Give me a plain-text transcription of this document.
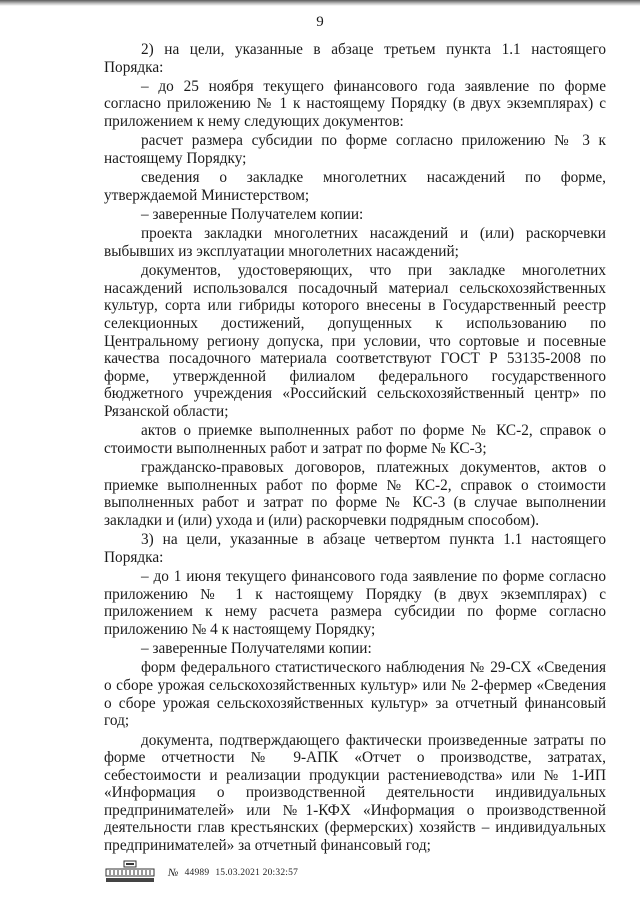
9

2) на цели, указанные в абзаце третьем пункта 1.1 настоящего Порядка:

– до 25 ноября текущего финансового года заявление по форме согласно приложению № 1 к настоящему Порядку (в двух экземплярах) с приложением к нему следующих документов:

расчет размера субсидии по форме согласно приложению № 3 к настоящему Порядку;

сведения о закладке многолетних насаждений по форме, утверждаемой Министерством;

– заверенные Получателем копии:

проекта закладки многолетних насаждений и (или) раскорчевки выбывших из эксплуатации многолетних насаждений;

документов, удостоверяющих, что при закладке многолетних насаждений использовался посадочный материал сельскохозяйственных культур, сорта или гибриды которого внесены в Государственный реестр селекционных достижений, допущенных к использованию по Центральному региону допуска, при условии, что сортовые и посевные качества посадочного материала соответствуют ГОСТ Р 53135-2008 по форме, утвержденной филиалом федерального государственного бюджетного учреждения «Российский сельскохозяйственный центр» по Рязанской области;

актов о приемке выполненных работ по форме № КС-2, справок о стоимости выполненных работ и затрат по форме № КС-3;

гражданско-правовых договоров, платежных документов, актов о приемке выполненных работ по форме № КС-2, справок о стоимости выполненных работ и затрат по форме № КС-3 (в случае выполнении закладки и (или) ухода и (или) раскорчевки подрядным способом).

3) на цели, указанные в абзаце четвертом пункта 1.1 настоящего Порядка:

– до 1 июня текущего финансового года заявление по форме согласно приложению № 1 к настоящему Порядку (в двух экземплярах) с приложением к нему расчета размера субсидии по форме согласно приложению № 4 к настоящему Порядку;

– заверенные Получателями копии:

форм федерального статистического наблюдения № 29-СХ «Сведения о сборе урожая сельскохозяйственных культур» или № 2-фермер «Сведения о сборе урожая сельскохозяйственных культур» за отчетный финансовый год;

документа, подтверждающего фактически произведенные затраты по форме отчетности № 9-АПК «Отчет о производстве, затратах, себестоимости и реализации продукции растениеводства» или № 1-ИП «Информация о производственной деятельности индивидуальных предпринимателей» или №1-КФХ «Информация о производственной деятельности глав крестьянских (фермерских) хозяйств – индивидуальных предпринимателей» за отчетный финансовый год;

№ 44989 15.03.2021 20:32:57
